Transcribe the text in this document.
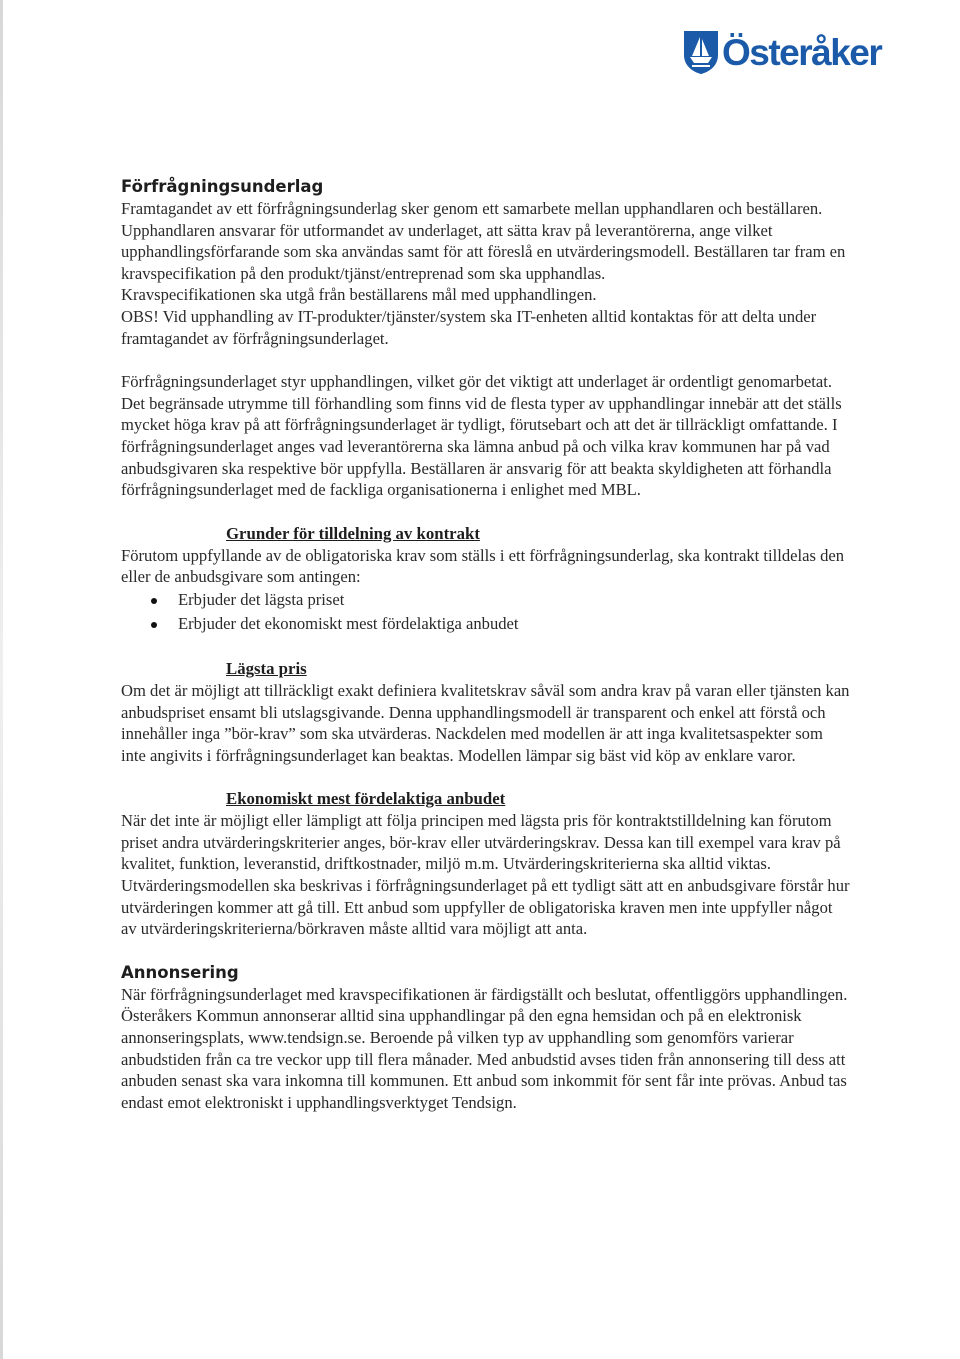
Österåker
Förfrågningsunderlag

Framtagandet av ett förfrågningsunderlag sker genom ett samarbete mellan upphandlaren och beställaren. Upphandlaren ansvarar för utformandet av underlaget, att sätta krav på leverantörerna, ange vilket upphandlingsförfarande som ska användas samt för att föreslå en utvärderingsmodell. Beställaren tar fram en kravspecifikation på den produkt/tjänst/entreprenad som ska upphandlas.

Kravspecifikationen ska utgå från beställarens mål med upphandlingen.

OBS! Vid upphandling av IT-produkter/tjänster/system ska IT-enheten alltid kontaktas för att delta under framtagandet av förfrågningsunderlaget.

Förfrågningsunderlaget styr upphandlingen, vilket gör det viktigt att underlaget är ordentligt genomarbetat. Det begränsade utrymme till förhandling som finns vid de flesta typer av upphandlingar innebär att det ställs mycket höga krav på att förfrågningsunderlaget är tydligt, förutsebart och att det är tillräckligt omfattande. I förfrågningsunderlaget anges vad leverantörerna ska lämna anbud på och vilka krav kommunen har på vad anbudsgivaren ska respektive bör uppfylla. Beställaren är ansvarig för att beakta skyldigheten att förhandla förfrågningsunderlaget med de fackliga organisationerna i enlighet med MBL.

Grunder för tilldelning av kontrakt

Förutom uppfyllande av de obligatoriska krav som ställs i ett förfrågningsunderlag, ska kontrakt tilldelas den eller de anbudsgivare som antingen:

Erbjuder det lägsta priset
Erbjuder det ekonomiskt mest fördelaktiga anbudet
Lägsta pris

Om det är möjligt att tillräckligt exakt definiera kvalitetskrav såväl som andra krav på varan eller tjänsten kan anbudspriset ensamt bli utslagsgivande. Denna upphandlingsmodell är transparent och enkel att förstå och innehåller inga ”bör-krav” som ska utvärderas. Nackdelen med modellen är att inga kvalitetsaspekter som inte angivits i förfrågningsunderlaget kan beaktas. Modellen lämpar sig bäst vid köp av enklare varor.

Ekonomiskt mest fördelaktiga anbudet

När det inte är möjligt eller lämpligt att följa principen med lägsta pris för kontraktstilldelning kan förutom priset andra utvärderingskriterier anges, bör-krav eller utvärderingskrav. Dessa kan till exempel vara krav på kvalitet, funktion, leveranstid, driftkostnader, miljö m.m. Utvärderingskriterierna ska alltid viktas. Utvärderingsmodellen ska beskrivas i förfrågningsunderlaget på ett tydligt sätt att en anbudsgivare förstår hur utvärderingen kommer att gå till. Ett anbud som uppfyller de obligatoriska kraven men inte uppfyller något av utvärderingskriterierna/börkraven måste alltid vara möjligt att anta.

Annonsering

När förfrågningsunderlaget med kravspecifikationen är färdigställt och beslutat, offentliggörs upphandlingen. Österåkers Kommun annonserar alltid sina upphandlingar på den egna hemsidan och på en elektronisk annonseringsplats, www.tendsign.se. Beroende på vilken typ av upphandling som genomförs varierar anbudstiden från ca tre veckor upp till flera månader. Med anbudstid avses tiden från annonsering till dess att anbuden senast ska vara inkomna till kommunen. Ett anbud som inkommit för sent får inte prövas. Anbud tas endast emot elektroniskt i upphandlingsverktyget Tendsign.
